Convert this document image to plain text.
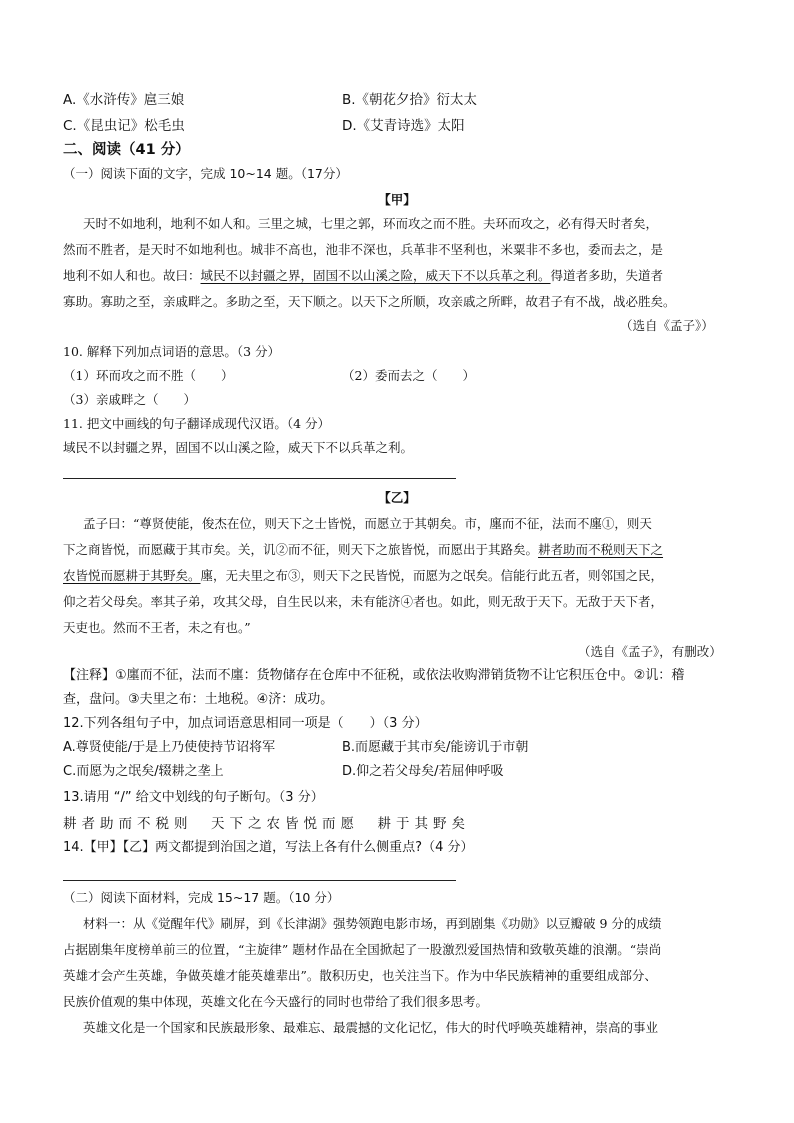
A.《水浒传》扈三娘	B.《朝花夕拾》衍太太
C.《昆虫记》松毛虫	D.《艾青诗选》太阳
二、阅读（41 分）
（一）阅读下面的文字，完成 10~14 题。（17分）
【甲】
天时不如地利，地利不如人和。三里之城，七里之郭，环而攻之而不胜。夫环而攻之，必有得天时者矣，
然而不胜者，是天时不如地利也。城非不高也，池非不深也，兵革非不坚利也，米粟非不多也，委而去之，是
地利不如人和也。故曰：域民不以封疆之界，固国不以山溪之险，威天下不以兵革之利。得道者多助，失道者
寡助。寡助之至，亲戚畔之。多助之至，天下顺之。以天下之所顺，攻亲戚之所畔，故君子有不战，战必胜矣。
（选自《孟子》）
10. 解释下列加点词语的意思。（3 分）
（1）环而攻之而不胜（　　）	（2）委而去之（　　）
（3）亲戚畔之（　　）
11. 把文中画线的句子翻译成现代汉语。（4 分）
域民不以封疆之界，固国不以山溪之险，威天下不以兵革之利。
【乙】
孟子曰：“尊贤使能，俊杰在位，则天下之士皆悦，而愿立于其朝矣。市，廛而不征，法而不廛①，则天
下之商皆悦，而愿藏于其市矣。关，讥②而不征，则天下之旅皆悦，而愿出于其路矣。耕者助而不税则天下之
农皆悦而愿耕于其野矣。廛，无夫里之布③，则天下之民皆悦，而愿为之氓矣。信能行此五者，则邻国之民，
仰之若父母矣。率其子弟，攻其父母，自生民以来，未有能济④者也。如此，则无敌于天下。无敌于天下者，
天吏也。然而不王者，未之有也。”
（选自《孟子》，有删改）
【注释】①廛而不征，法而不廛：货物储存在仓库中不征税，或依法收购滞销货物不让它积压仓中。②讥：稽
查，盘问。③夫里之布：土地税。④济：成功。
12.下列各组句子中，加点词语意思相同一项是（　　）（3 分）
A.尊贤使能/于是上乃使使持节诏将军	B.而愿藏于其市矣/能谤讥于市朝
C.而愿为之氓矣/辍耕之垄上	D.仰之若父母矣/若屈伸呼吸
13.请用 “/” 给文中划线的句子断句。（3 分）
耕者助而不税则　天下之农皆悦而愿　耕于其野矣
14.【甲】【乙】两文都提到治国之道，写法上各有什么侧重点?（4 分）
（二）阅读下面材料，完成 15~17 题。（10 分）
材料一：从《觉醒年代》刷屏，到《长津湖》强势领跑电影市场，再到剧集《功勋》以豆瓣破 9 分的成绩
占据剧集年度榜单前三的位置，“主旋律” 题材作品在全国掀起了一股激烈爱国热情和致敬英雄的浪潮。“崇尚
英雄才会产生英雄，争做英雄才能英雄辈出”。散积历史，也关注当下。作为中华民族精神的重要组成部分、
民族价值观的集中体现，英雄文化在今天盛行的同时也带给了我们很多思考。
英雄文化是一个国家和民族最形象、最难忘、最震撼的文化记忆，伟大的时代呼唤英雄精神，崇高的事业
